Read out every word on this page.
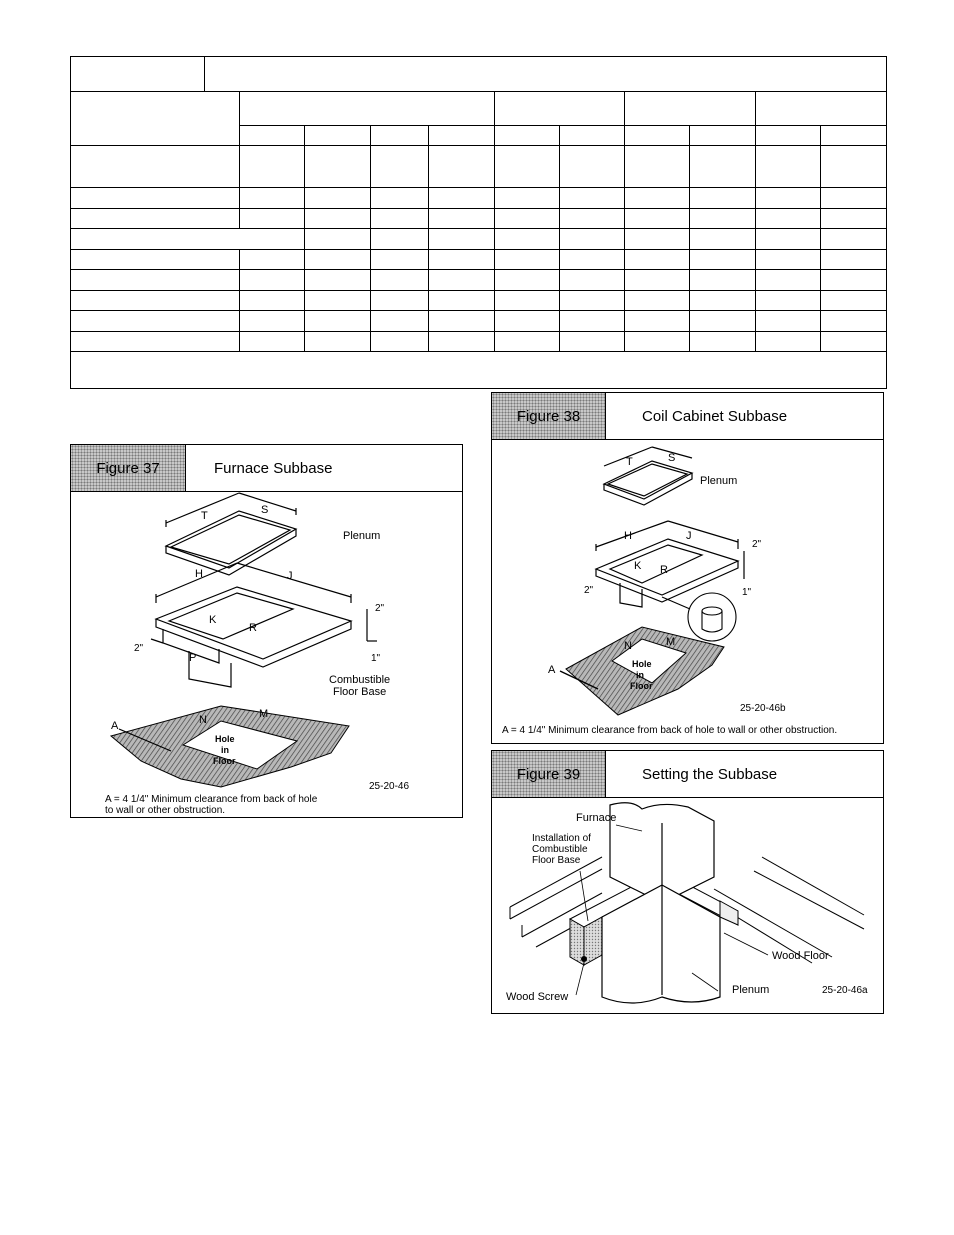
Figure 37	Furnace Subbase
T	S
Plenum
H	J
K
R
P
2"
2"
1"
Combustible
Floor Base
A	N	M
Hole
in
Floor
25-20-46
A = 4 1/4" Minimum clearance from back of hole
to wall or other obstruction.
Figure 38	Coil Cabinet Subbase
T	S
Plenum
H	J
K R
2"
2"	1"
A
N	M
Hole
in
Floor
25-20-46b
A = 4 1/4" Minimum clearance from back of hole to wall or other obstruction.
Figure 39	Setting the Subbase
Furnace
Installation of
Combustible
Floor Base
Wood Floor
Wood Screw
Plenum	25-20-46a
